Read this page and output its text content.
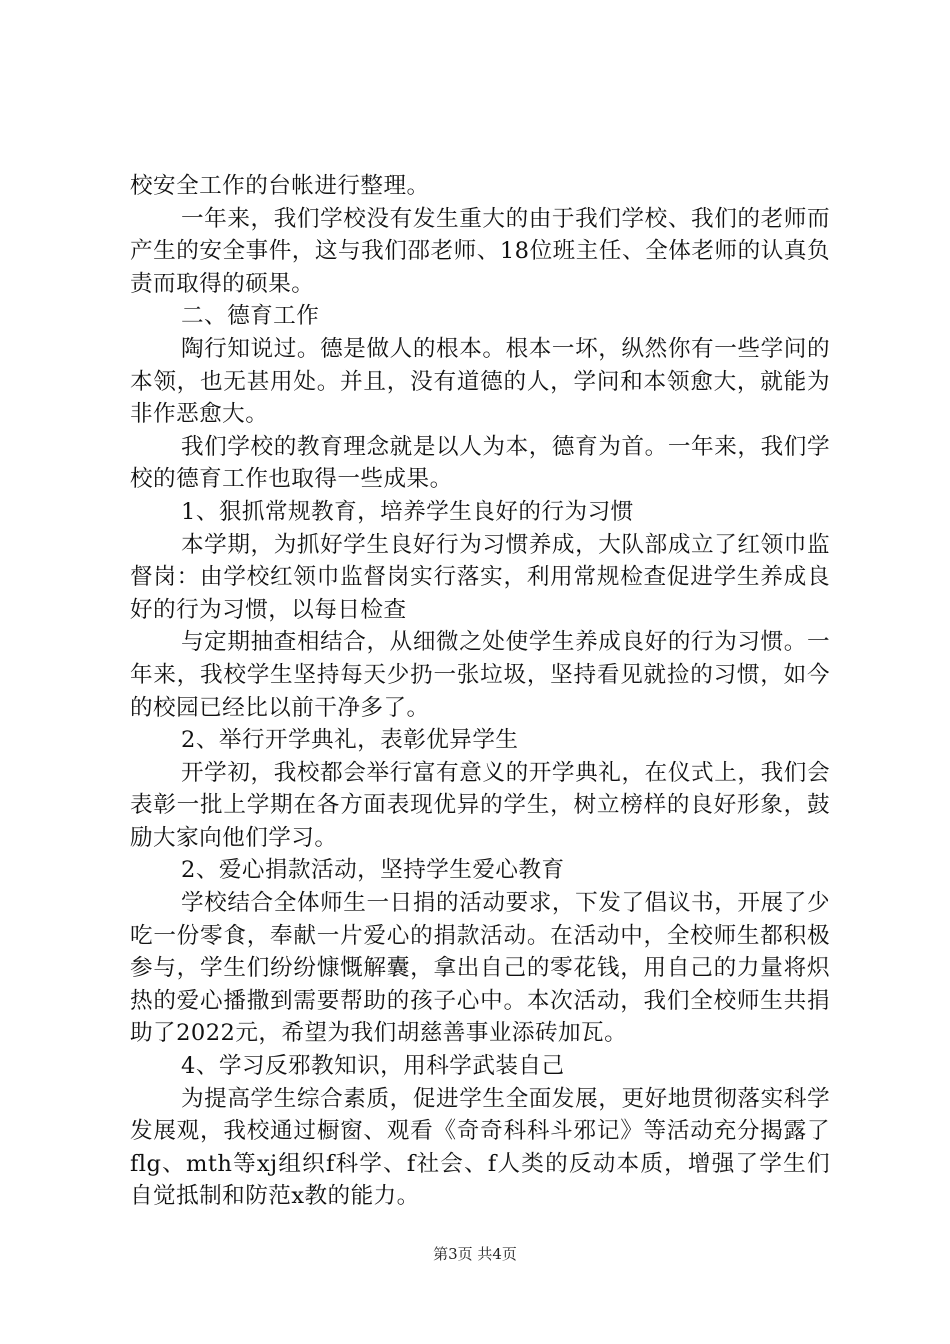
校安全工作的台帐进行整理。

一年来，我们学校没有发生重大的由于我们学校、我们的老师而产生的安全事件，这与我们邵老师、18位班主任、全体老师的认真负责而取得的硕果。

二、德育工作

陶行知说过。德是做人的根本。根本一坏，纵然你有一些学问的本领，也无甚用处。并且，没有道德的人，学问和本领愈大，就能为非作恶愈大。

我们学校的教育理念就是以人为本，德育为首。一年来，我们学校的德育工作也取得一些成果。

1、狠抓常规教育，培养学生良好的行为习惯

本学期，为抓好学生良好行为习惯养成，大队部成立了红领巾监督岗：由学校红领巾监督岗实行落实，利用常规检查促进学生养成良好的行为习惯，以每日检查

与定期抽查相结合，从细微之处使学生养成良好的行为习惯。一年来，我校学生坚持每天少扔一张垃圾，坚持看见就捡的习惯，如今的校园已经比以前干净多了。

2、举行开学典礼，表彰优异学生

开学初，我校都会举行富有意义的开学典礼，在仪式上，我们会表彰一批上学期在各方面表现优异的学生，树立榜样的良好形象，鼓励大家向他们学习。

2、爱心捐款活动，坚持学生爱心教育

学校结合全体师生一日捐的活动要求，下发了倡议书，开展了少吃一份零食，奉献一片爱心的捐款活动。在活动中，全校师生都积极参与，学生们纷纷慷慨解囊，拿出自己的零花钱，用自己的力量将炽热的爱心播撒到需要帮助的孩子心中。本次活动，我们全校师生共捐助了2022元，希望为我们胡慈善事业添砖加瓦。

4、学习反邪教知识，用科学武装自己

为提高学生综合素质，促进学生全面发展，更好地贯彻落实科学发展观，我校通过橱窗、观看《奇奇科科斗邪记》等活动充分揭露了flg、mth等xj组织f科学、f社会、f人类的反动本质，增强了学生们自觉抵制和防范x教的能力。

第3页 共4页
